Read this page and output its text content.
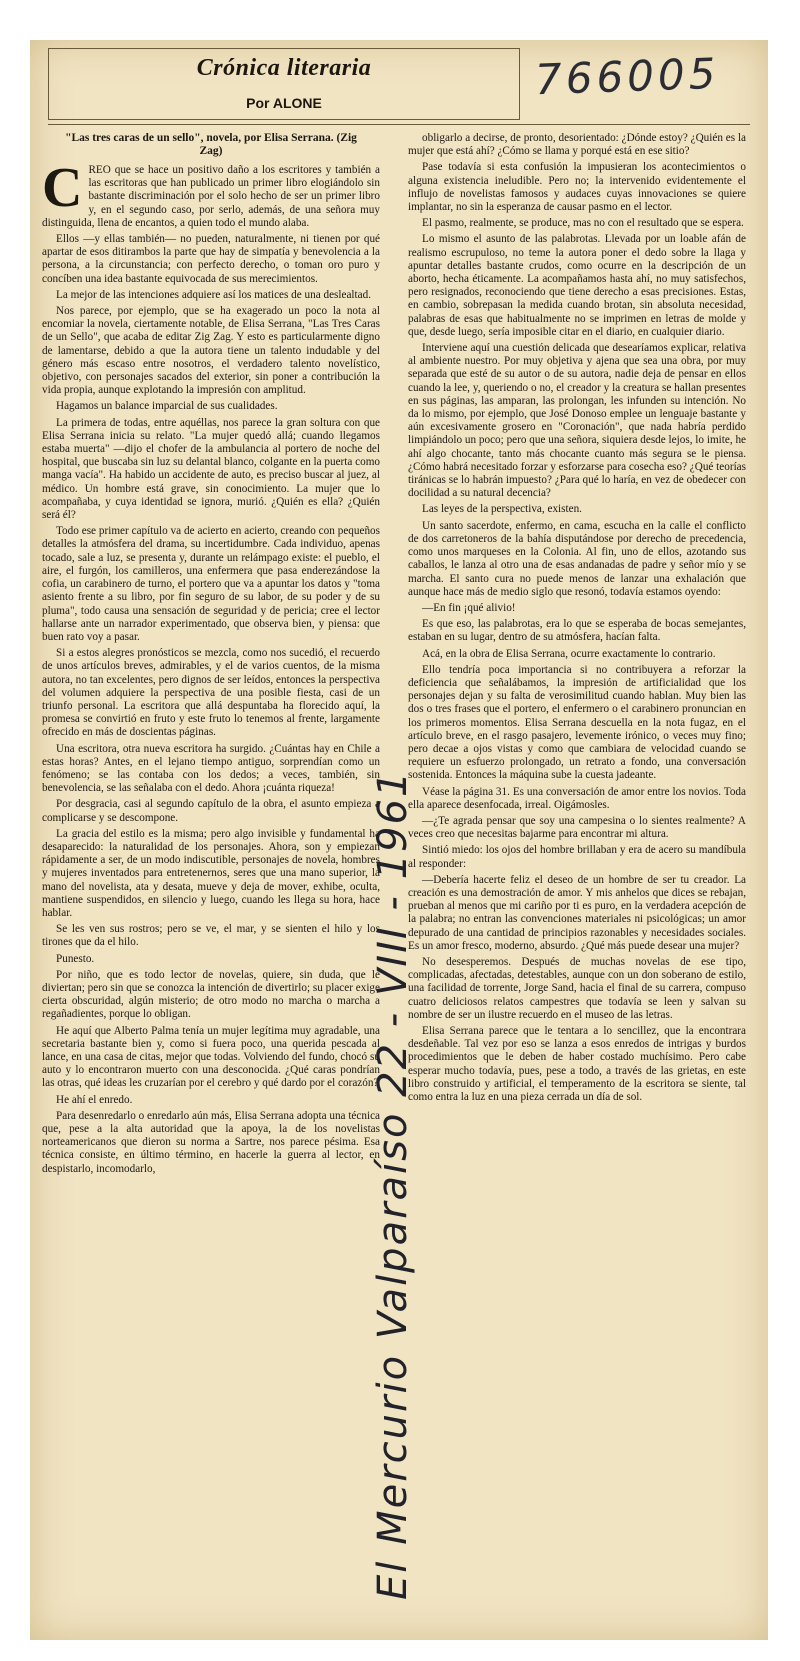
Crónica literaria
Por ALONE	766005
"Las tres caras de un sello", novela, por Elisa Serrana. (Zig Zag)

CREO que se hace un positivo daño a los escritores y también a las escritoras que han publicado un primer libro elogiándolo sin bastante discriminación por el solo hecho de ser un primer libro y, en el segundo caso, por serlo, además, de una señora muy distinguida, llena de encantos, a quien todo el mundo alaba.

Ellos —y ellas también— no pueden, naturalmente, ni tienen por qué apartar de esos ditirambos la parte que hay de simpatía y benevolencia a la persona, a la circunstancia; con perfecto derecho, o toman oro puro y concíben una idea bastante equivocada de sus merecimientos.

La mejor de las intenciones adquiere así los matices de una deslealtad.

Nos parece, por ejemplo, que se ha exagerado un poco la nota al encomiar la novela, ciertamente notable, de Elisa Serrana, "Las Tres Caras de un Sello", que acaba de editar Zig Zag. Y esto es particularmente digno de lamentarse, debido a que la autora tiene un talento indudable y del género más escaso entre nosotros, el verdadero talento novelístico, objetivo, con personajes sacados del exterior, sin poner a contribución la vida propia, aunque explotando la impresión con amplitud.

Hagamos un balance imparcial de sus cualidades.

La primera de todas, entre aquéllas, nos parece la gran soltura con que Elisa Serrana inicia su relato. "La mujer quedó allá; cuando llegamos estaba muerta" —dijo el chofer de la ambulancia al portero de noche del hospital, que buscaba sin luz su delantal blanco, colgante en la puerta como manga vacía". Ha habido un accidente de auto, es preciso buscar al juez, al médico. Un hombre está grave, sin conocimiento. La mujer que lo acompañaba, y cuya identidad se ignora, murió. ¿Quién es ella? ¿Quién será él?

Todo ese primer capítulo va de acierto en acierto, creando con pequeños detalles la atmósfera del drama, su incertidumbre. Cada individuo, apenas tocado, sale a luz, se presenta y, durante un relámpago existe: el pueblo, el aire, el furgón, los camilleros, una enfermera que pasa enderezándose la cofia, un carabinero de turno, el portero que va a apuntar los datos y "toma asiento frente a su libro, por fin seguro de su labor, de su poder y de su pluma", todo causa una sensación de seguridad y de pericia; cree el lector hallarse ante un narrador experimentado, que observa bien, y piensa: que buen rato voy a pasar.

Si a estos alegres pronósticos se mezcla, como nos sucedió, el recuerdo de unos artículos breves, admirables, y el de varios cuentos, de la misma autora, no tan excelentes, pero dignos de ser leídos, entonces la perspectiva del volumen adquiere la perspectiva de una posible fiesta, casi de un triunfo personal. La escritora que allá despuntaba ha florecido aquí, la promesa se convirtió en fruto y este fruto lo tenemos al frente, largamente ofrecido en más de doscientas páginas.

Una escritora, otra nueva escritora ha surgido. ¿Cuántas hay en Chile a estas horas? Antes, en el lejano tiempo antiguo, sorprendían como un fenómeno; se las contaba con los dedos; a veces, también, sin benevolencia, se las señalaba con el dedo. Ahora ¡cuánta riqueza!

Por desgracia, casi al segundo capítulo de la obra, el asunto empieza a complicarse y se descompone.

La gracia del estilo es la misma; pero algo invisible y fundamental ha desaparecido: la naturalidad de los personajes. Ahora, son y empiezan rápidamente a ser, de un modo indiscutible, personajes de novela, hombres y mujeres inventados para entretenernos, seres que una mano superior, la mano del novelista, ata y desata, mueve y deja de mover, exhibe, oculta, mantiene suspendidos, en silencio y luego, cuando les llega su hora, hace hablar.

Se les ven sus rostros; pero se ve, el mar, y se sienten el hilo y los tirones que da el hilo.

Punesto.

Por niño, que es todo lector de novelas, quiere, sin duda, que le diviertan; pero sin que se conozca la intención de divertirlo; su placer exige cierta obscuridad, algún misterio; de otro modo no marcha o marcha a regañadientes, porque lo obligan.

He aquí que Alberto Palma tenía un mujer legítima muy agradable, una secretaria bastante bien y, como si fuera poco, una querida pescada al lance, en una casa de citas, mejor que todas. Volviendo del fundo, chocó su auto y lo encontraron muerto con una desconocida. ¿Qué caras pondrían las otras, qué ideas les cruzarían por el cerebro y qué dardo por el corazón?

He ahí el enredo.

Para desenredarlo o enredarlo aún más, Elisa Serrana adopta una técnica que, pese a la alta autoridad que la apoya, la de los novelistas norteamericanos que dieron su norma a Sartre, nos parece pésima. Esa técnica consiste, en último término, en hacerle la guerra al lector, en despistarlo, incomodarlo,

obligarlo a decirse, de pronto, desorientado: ¿Dónde estoy? ¿Quién es la mujer que está ahí? ¿Cómo se llama y porqué está en ese sitio?

Pase todavía si esta confusión la impusieran los acontecimientos o alguna existencia ineludible. Pero no; la intervenido evidentemente el influjo de novelistas famosos y audaces cuyas innovaciones se quiere implantar, no sin la esperanza de causar pasmo en el lector.

El pasmo, realmente, se produce, mas no con el resultado que se espera.

Lo mismo el asunto de las palabrotas. Llevada por un loable afán de realismo escrupuloso, no teme la autora poner el dedo sobre la llaga y apuntar detalles bastante crudos, como ocurre en la descripción de un aborto, hecha éticamente. La acompañamos hasta ahí, no muy satisfechos, pero resignados, reconociendo que tiene derecho a esas precisiones. Estas, en cambio, sobrepasan la medida cuando brotan, sin absoluta necesidad, palabras de esas que habitualmente no se imprimen en letras de molde y que, desde luego, sería imposible citar en el diario, en cualquier diario.

Interviene aquí una cuestión delicada que desearíamos explicar, relativa al ambiente nuestro. Por muy objetiva y ajena que sea una obra, por muy separada que esté de su autor o de su autora, nadie deja de pensar en ellos cuando la lee, y, queriendo o no, el creador y la creatura se hallan presentes en sus páginas, las amparan, las prolongan, les infunden su intención. No da lo mismo, por ejemplo, que José Donoso emplee un lenguaje bastante y aún excesivamente grosero en "Coronación", que nada habría perdido limpiándolo un poco; pero que una señora, siquiera desde lejos, lo imite, he ahí algo chocante, tanto más chocante cuanto más segura se le piensa. ¿Cómo habrá necesitado forzar y esforzarse para cosecha eso? ¿Qué teorías tiránicas se lo habrán impuesto? ¿Para qué lo haría, en vez de obedecer con docilidad a su natural decencia?

Las leyes de la perspectiva, existen.

Un santo sacerdote, enfermo, en cama, escucha en la calle el conflicto de dos carretoneros de la bahía disputándose por derecho de precedencia, como unos marqueses en la Colonia. Al fin, uno de ellos, azotando sus caballos, le lanza al otro una de esas andanadas de padre y señor mío y se marcha. El santo cura no puede menos de lanzar una exhalación que aunque hace más de medio siglo que resonó, todavía estamos oyendo:

—En fin ¡qué alivio!

Es que eso, las palabrotas, era lo que se esperaba de bocas semejantes, estaban en su lugar, dentro de su atmósfera, hacían falta.

Acá, en la obra de Elisa Serrana, ocurre exactamente lo contrario.

Ello tendría poca importancia si no contribuyera a reforzar la deficiencia que señalábamos, la impresión de artificialidad que los personajes dejan y su falta de verosimilitud cuando hablan. Muy bien las dos o tres frases que el portero, el enfermero o el carabinero pronuncian en los primeros momentos. Elisa Serrana descuella en la nota fugaz, en el artículo breve, en el rasgo pasajero, levemente irónico, o veces muy fino; pero decae a ojos vistas y como que cambiara de velocidad cuando se requiere un esfuerzo prolongado, un retrato a fondo, una conversación sostenida. Entonces la máquina sube la cuesta jadeante.

Véase la página 31. Es una conversación de amor entre los novios. Toda ella aparece desenfocada, irreal. Oigámosles.

—¿Te agrada pensar que soy una campesina o lo sientes realmente? A veces creo que necesitas bajarme para encontrar mi altura.

Sintió miedo: los ojos del hombre brillaban y era de acero su mandíbula al responder:

—Debería hacerte feliz el deseo de un hombre de ser tu creador. La creación es una demostración de amor. Y mis anhelos que dices se rebajan, prueban al menos que mi cariño por ti es puro, en la verdadera acepción de la palabra; no entran las convenciones materiales ni psicológicas; un amor depurado de una cantidad de principios razonables y necesidades sociales. Es un amor fresco, moderno, absurdo. ¿Qué más puede desear una mujer?

No desesperemos. Después de muchas novelas de ese tipo, complicadas, afectadas, detestables, aunque con un don soberano de estilo, una facilidad de torrente, Jorge Sand, hacia el final de su carrera, compuso cuatro deliciosos relatos campestres que todavía se leen y salvan su nombre de ser un ilustre recuerdo en el museo de las letras.

Elisa Serrana parece que le tentara a lo sencillez, que la encontrara desdeñable. Tal vez por eso se lanza a esos enredos de intrigas y burdos procedimientos que le deben de haber costado muchísimo. Pero cabe esperar mucho todavía, pues, pese a todo, a través de las grietas, en este libro construido y artificial, el temperamento de la escritora se siente, tal como entra la luz en una pieza cerrada un día de sol.

El Mercurio Valparaíso 22 - VIII - 1961
